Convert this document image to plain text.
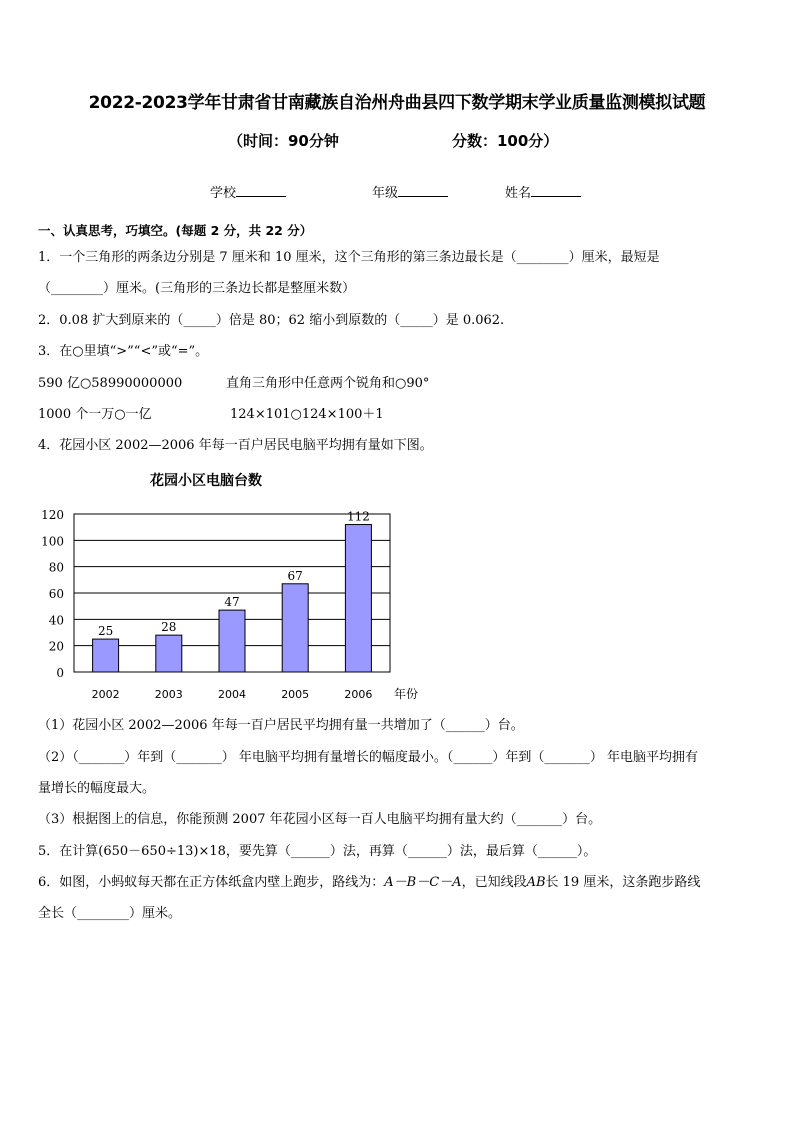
2022-2023学年甘肃省甘南藏族自治州舟曲县四下数学期末学业质量监测模拟试题
（时间：90分钟	分数：100分）
学校	年级	姓名
一、认真思考，巧填空。(每题 2 分，共 22 分）
1．一个三角形的两条边分别是 7 厘米和 10 厘米，这个三角形的第三条边最长是（________）厘米，最短是
（________）厘米。(三角形的三条边长都是整厘米数）
2．0.08 扩大到原来的（_____）倍是 80；62 缩小到原数的（_____）是 0.062.
3．在○里填“>”“<”或“=”。
590 亿○58990000000	直角三角形中任意两个锐角和○90°
1000 个一万○一亿	124×101○124×100＋1
4．花园小区 2002—2006 年每一百户居民电脑平均拥有量如下图。
花园小区电脑台数
0
20
40
60
80
100
120
25
2002
28
2003
47
2004
67
2005
112
2006 年份
（1）花园小区 2002—2006 年每一百户居民平均拥有量一共增加了（______）台。
（2）（_______）年到（_______） 年电脑平均拥有量增长的幅度最小。（______）年到（_______） 年电脑平均拥有
量增长的幅度最大。
（3）根据图上的信息，你能预测 2007 年花园小区每一百人电脑平均拥有量大约（_______）台。
5．在计算(650－650÷13)×18，要先算（______）法，再算（______）法，最后算（______）。
6．如图，小蚂蚁每天都在正方体纸盒内壁上跑步，路线为：A－B－C－A，已知线段AB长 19 厘米，这条跑步路线
全长（________）厘米。
